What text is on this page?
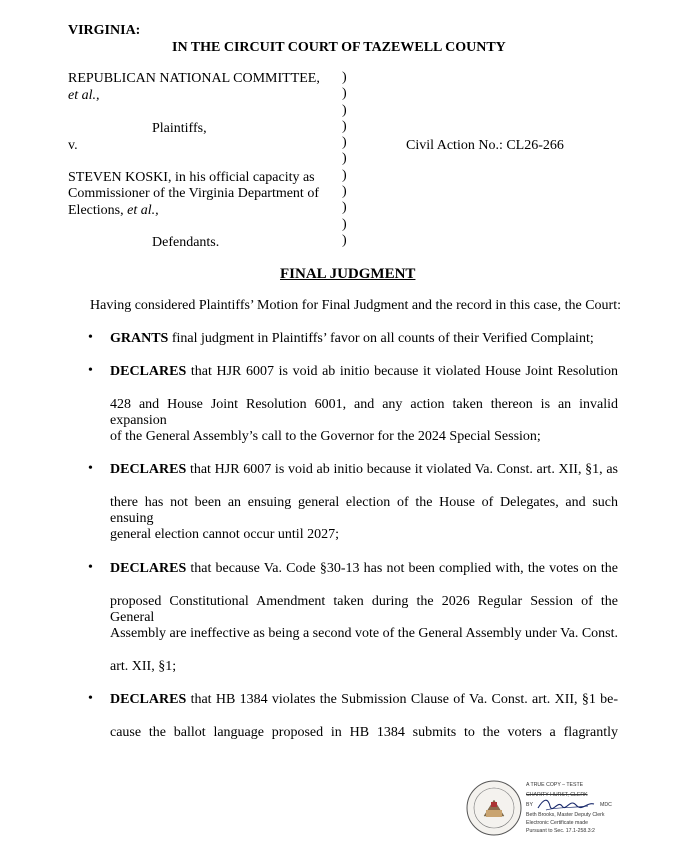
VIRGINIA:
IN THE CIRCUIT COURT OF TAZEWELL COUNTY
REPUBLICAN NATIONAL COMMITTEE,
et al.,
Plaintiffs,
v.
STEVEN KOSKI, in his official capacity as
Commissioner of the Virginia Department of
Elections, et al.,
Defendants.
)
)
)
)
)
)
)
)
)
)
)
Civil Action No.: CL26-266
FINAL JUDGMENT
Having considered Plaintiffs’ Motion for Final Judgment and the record in this case, the Court:
• GRANTS final judgment in Plaintiffs’ favor on all counts of their Verified Complaint;
• DECLARES that HJR 6007 is void ab initio because it violated House Joint Resolution
428 and House Joint Resolution 6001, and any action taken thereon is an invalid expansion
of the General Assembly’s call to the Governor for the 2024 Special Session;
• DECLARES that HJR 6007 is void ab initio because it violated Va. Const. art. XII, §1, as
there has not been an ensuing general election of the House of Delegates, and such ensuing
general election cannot occur until 2027;
• DECLARES that because Va. Code §30-13 has not been complied with, the votes on the
proposed Constitutional Amendment taken during the 2026 Regular Session of the General
Assembly are ineffective as being a second vote of the General Assembly under Va. Const.
art. XII, §1;
• DECLARES that HB 1384 violates the Submission Clause of Va. Const. art. XII, §1 be-
cause the ballot language proposed in HB 1384 submits to the voters a flagrantly
A TRUE COPY – TESTE
CHARITY HURST, CLERK
BY	MDC
Beth Brooks, Master Deputy Clerk
Electronic Certificate made
Pursuant to Sec. 17.1-258.3:2
